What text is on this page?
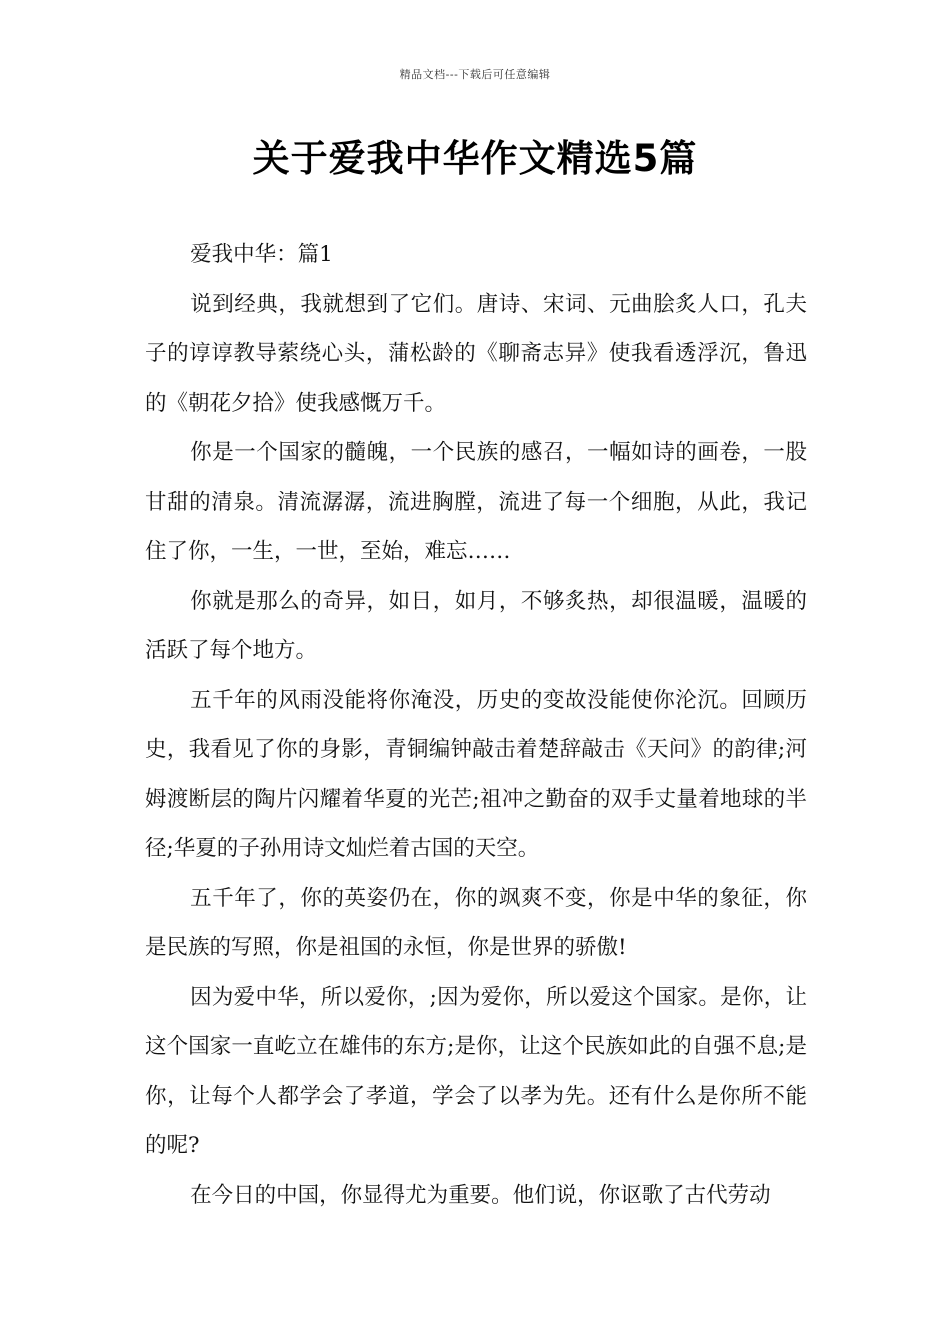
精品文档---下载后可任意编辑
关于爱我中华作文精选5篇

爱我中华：篇1

说到经典，我就想到了它们。唐诗、宋词、元曲脍炙人口，孔夫子的谆谆教导萦绕心头，蒲松龄的《聊斋志异》使我看透浮沉，鲁迅的《朝花夕拾》使我感慨万千。

你是一个国家的髓魄，一个民族的感召，一幅如诗的画卷，一股甘甜的清泉。清流潺潺，流进胸膛，流进了每一个细胞，从此，我记住了你，一生，一世，至始，难忘……

你就是那么的奇异，如日，如月，不够炙热，却很温暖，温暖的活跃了每个地方。

五千年的风雨没能将你淹没，历史的变故没能使你沦沉。回顾历史，我看见了你的身影，青铜编钟敲击着楚辞敲击《天问》的韵律;河姆渡断层的陶片闪耀着华夏的光芒;祖冲之勤奋的双手丈量着地球的半径;华夏的子孙用诗文灿烂着古国的天空。

五千年了，你的英姿仍在，你的飒爽不变，你是中华的象征，你是民族的写照，你是祖国的永恒，你是世界的骄傲!

因为爱中华，所以爱你，;因为爱你，所以爱这个国家。是你，让这个国家一直屹立在雄伟的东方;是你，让这个民族如此的自强不息;是你，让每个人都学会了孝道，学会了以孝为先。还有什么是你所不能的呢?

在今日的中国，你显得尤为重要。他们说，你讴歌了古代劳动
